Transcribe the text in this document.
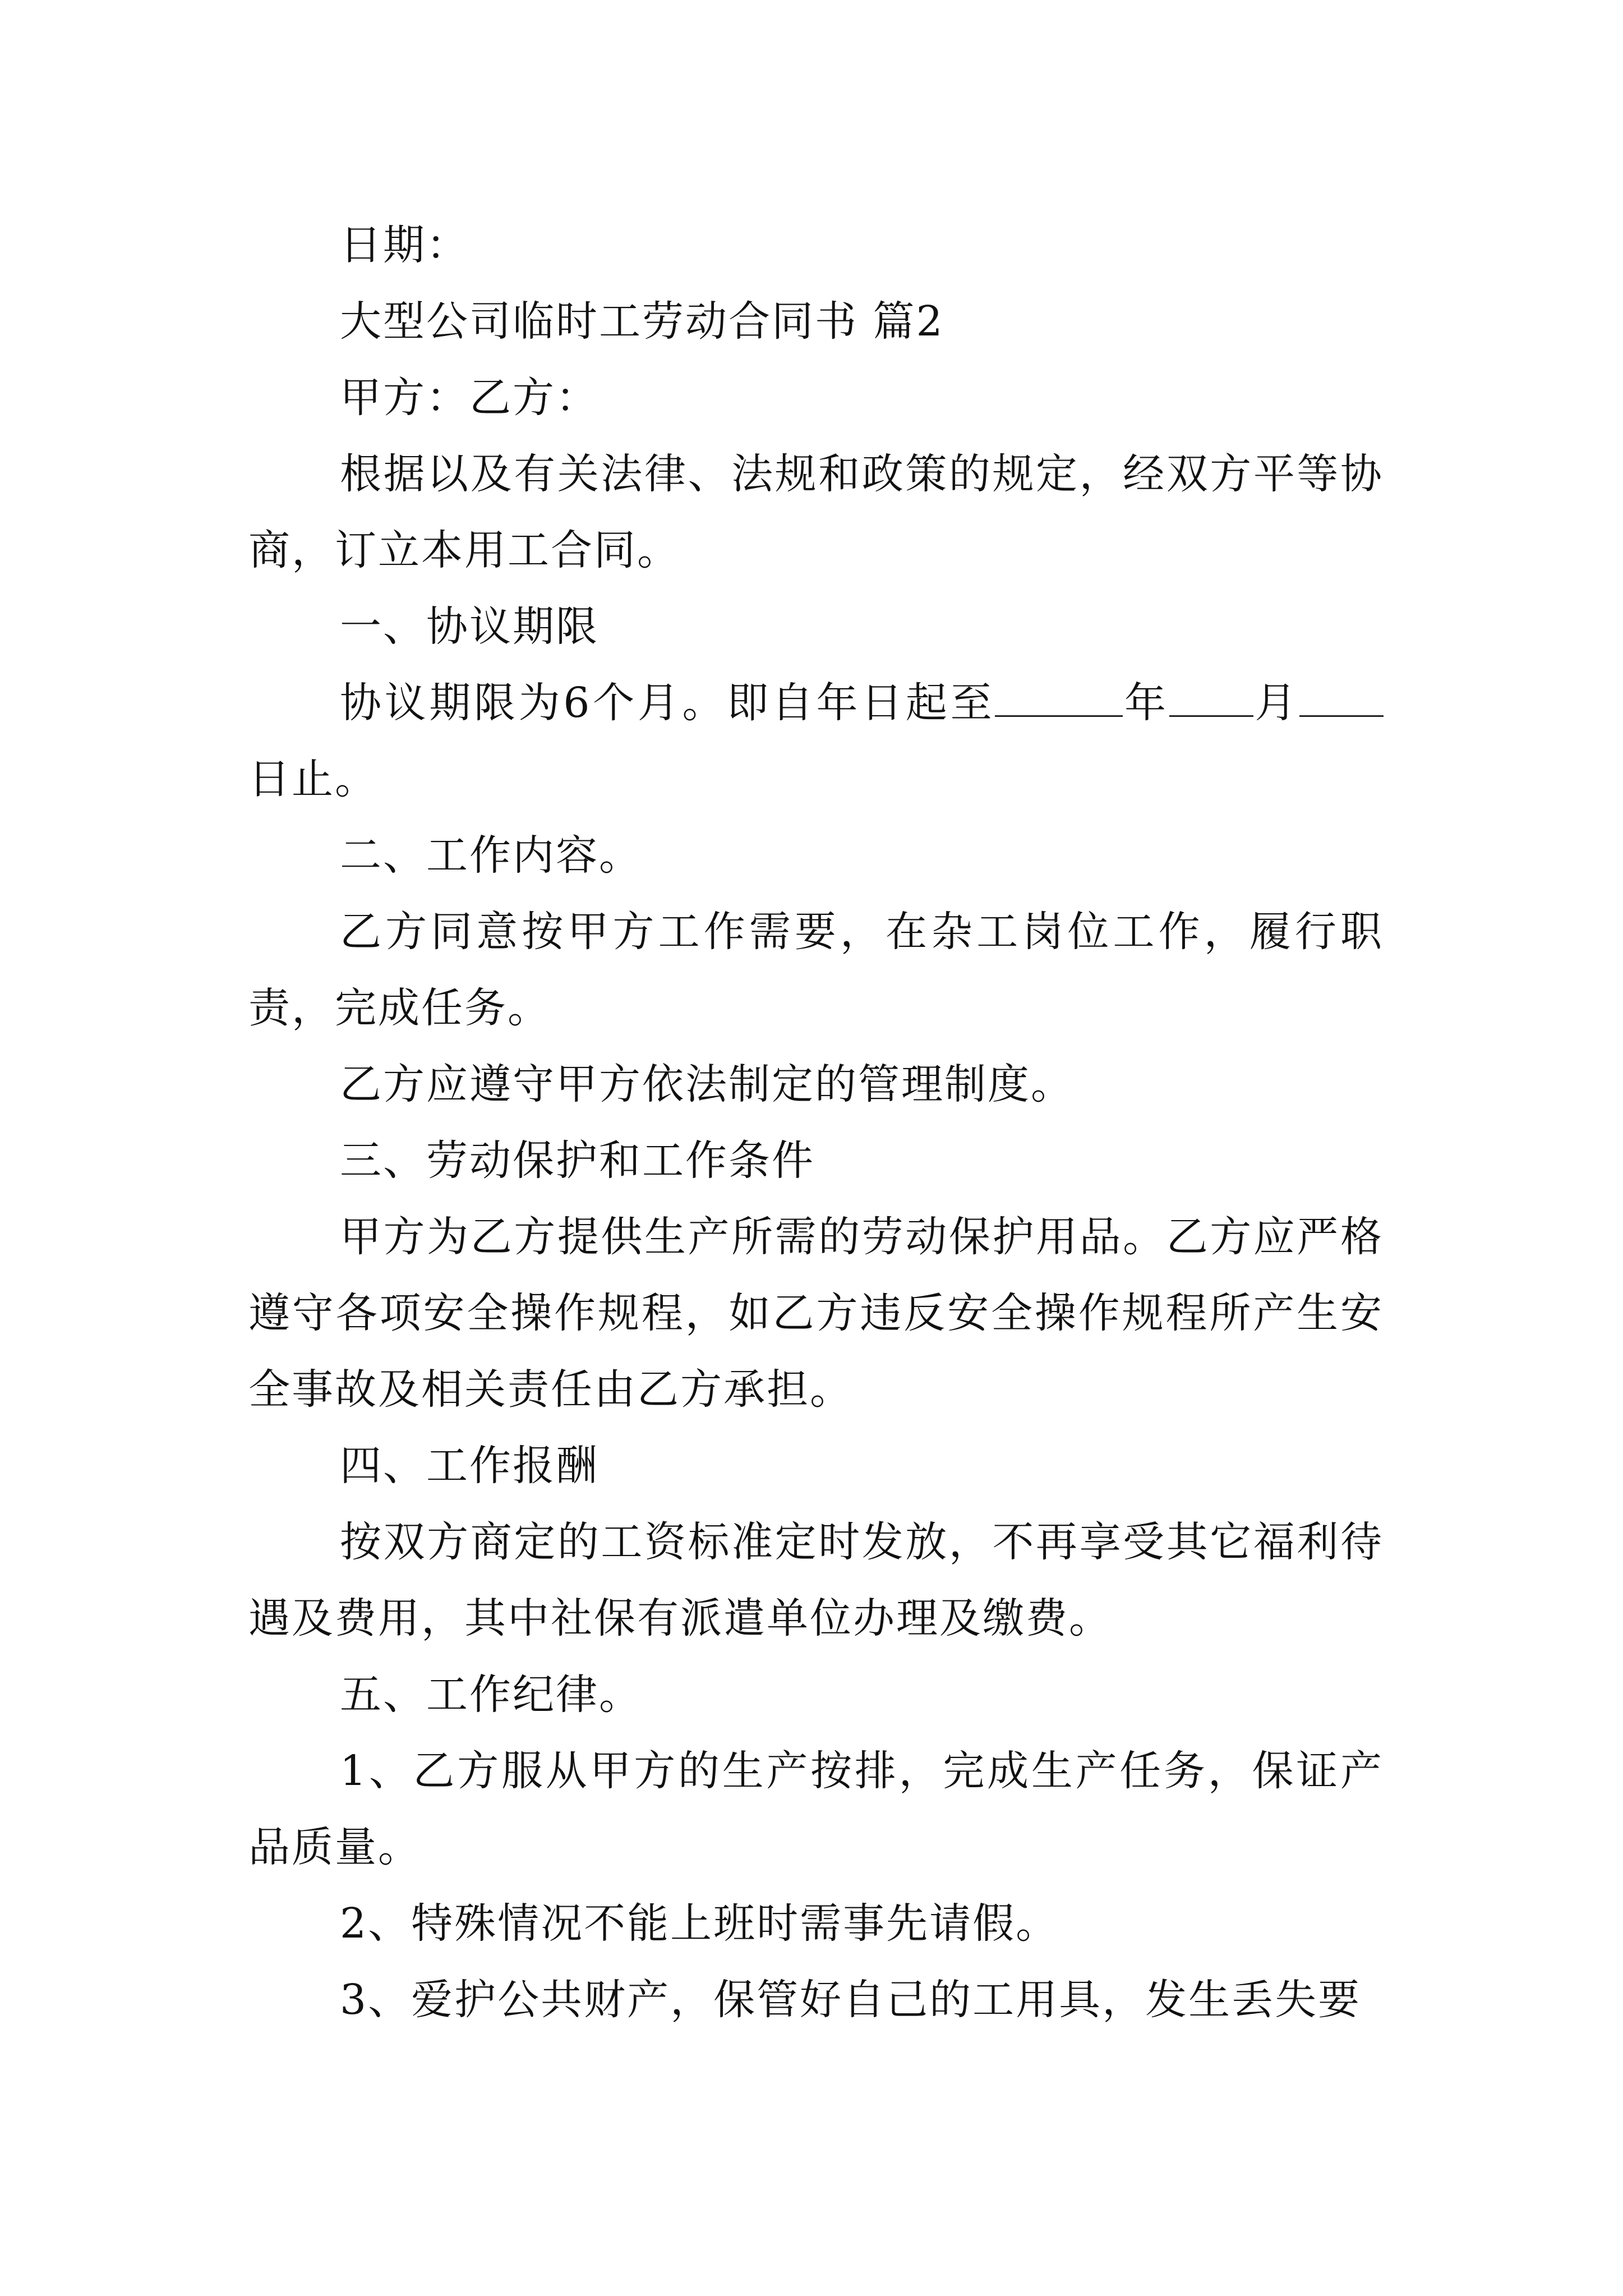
日期：

大型公司临时工劳动合同书 篇2

甲方：乙方：

根据以及有关法律、法规和政策的规定，经双方平等协商，订立本用工合同。

一、协议期限

协议期限为6个月。即自年日起至	年 月日止。

二、工作内容。

乙方同意按甲方工作需要，在杂工岗位工作，履行职责，完成任务。

乙方应遵守甲方依法制定的管理制度。

三、劳动保护和工作条件

甲方为乙方提供生产所需的劳动保护用品。乙方应严格遵守各项安全操作规程，如乙方违反安全操作规程所产生安全事故及相关责任由乙方承担。

四、工作报酬

按双方商定的工资标准定时发放，不再享受其它福利待遇及费用，其中社保有派遣单位办理及缴费。

五、工作纪律。

1、乙方服从甲方的生产按排，完成生产任务，保证产品质量。

2、特殊情况不能上班时需事先请假。

3、爱护公共财产，保管好自己的工用具，发生丢失要
